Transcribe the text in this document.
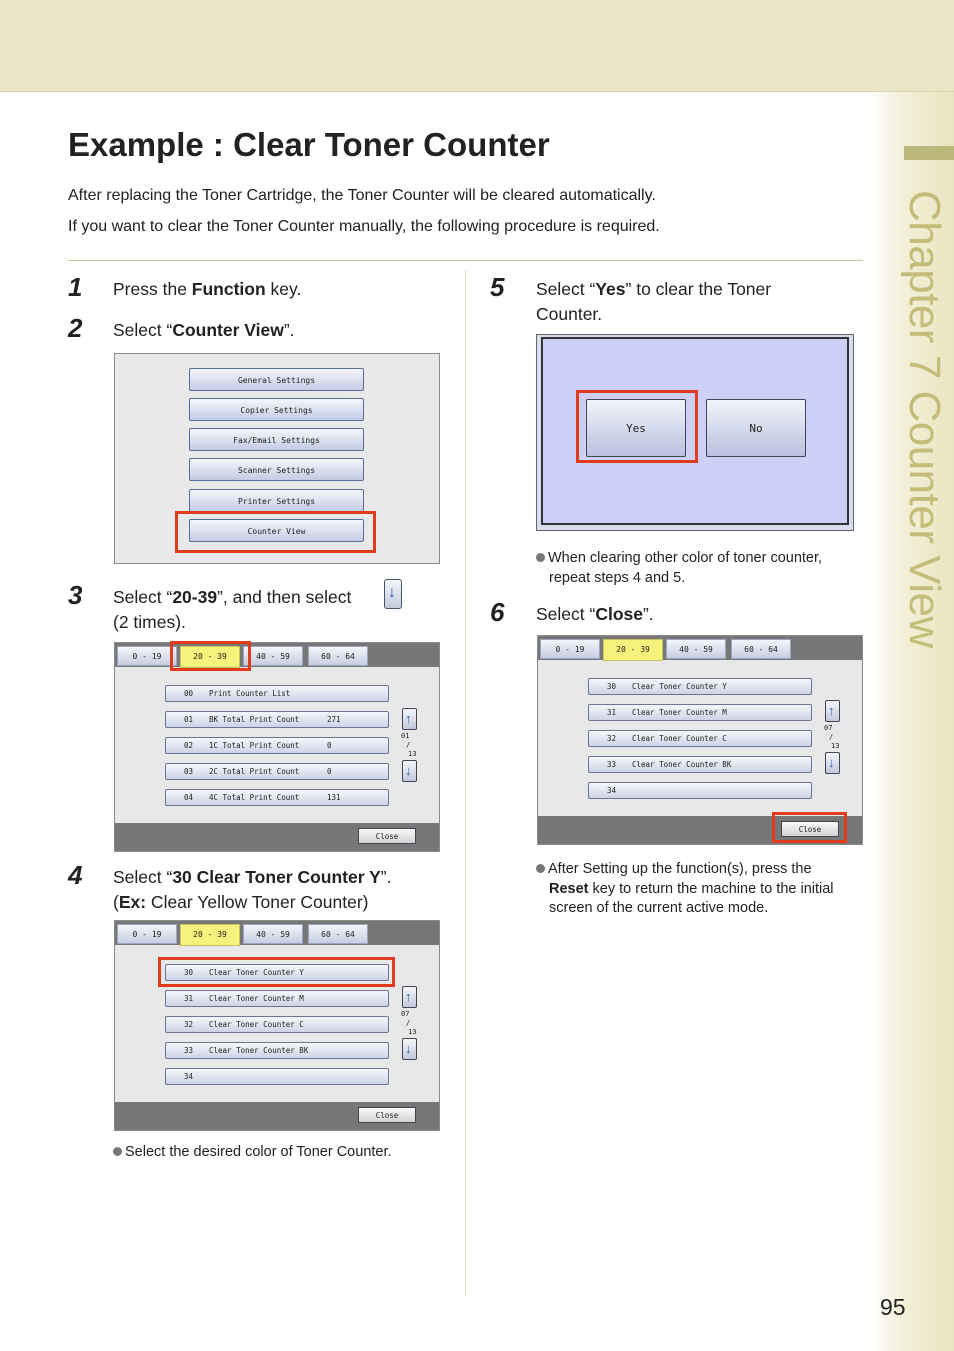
Chapter 7 Counter View
Example : Clear Toner Counter

After replacing the Toner Cartridge, the Toner Counter will be cleared automatically.

If you want to clear the Toner Counter manually, the following procedure is required.

1 Press the Function key.

2 Select “Counter View”.

General Settings
Copier Settings
Fax/Email Settings
Scanner Settings
Printer Settings
Counter View
3 Select “20-39”, and then select ↓

(2 times).

0 - 19	20 - 39	40 - 59	60 - 64
00 Print Counter List
01 BK Total Print Count	271
02 1C Total Print Count	0
03 2C Total Print Count	0
04 4C Total Print Count	131
↑
01
/
13
↓
Close
4 Select “30 Clear Toner Counter Y”.

(Ex: Clear Yellow Toner Counter)

0 - 19	20 - 39	40 - 59	60 - 64
30 Clear Toner Counter Y
31 Clear Toner Counter M
32 Clear Toner Counter C
33 Clear Toner Counter BK
34
↑
07
/
13
↓
Close
Select the desired color of Toner Counter.
5 Select “Yes” to clear the Toner

Counter.

Yes	No
When clearing other color of toner counter,
repeat steps 4 and 5.
6 Select “Close”.

0 - 19	20 - 39	40 - 59	60 - 64
30 Clear Toner Counter Y
31 Clear Toner Counter M
32 Clear Toner Counter C
33 Clear Toner Counter BK
34
↑
07
/
13
↓
Close
After Setting up the function(s), press the
Reset key to return the machine to the initial
screen of the current active mode.
95
